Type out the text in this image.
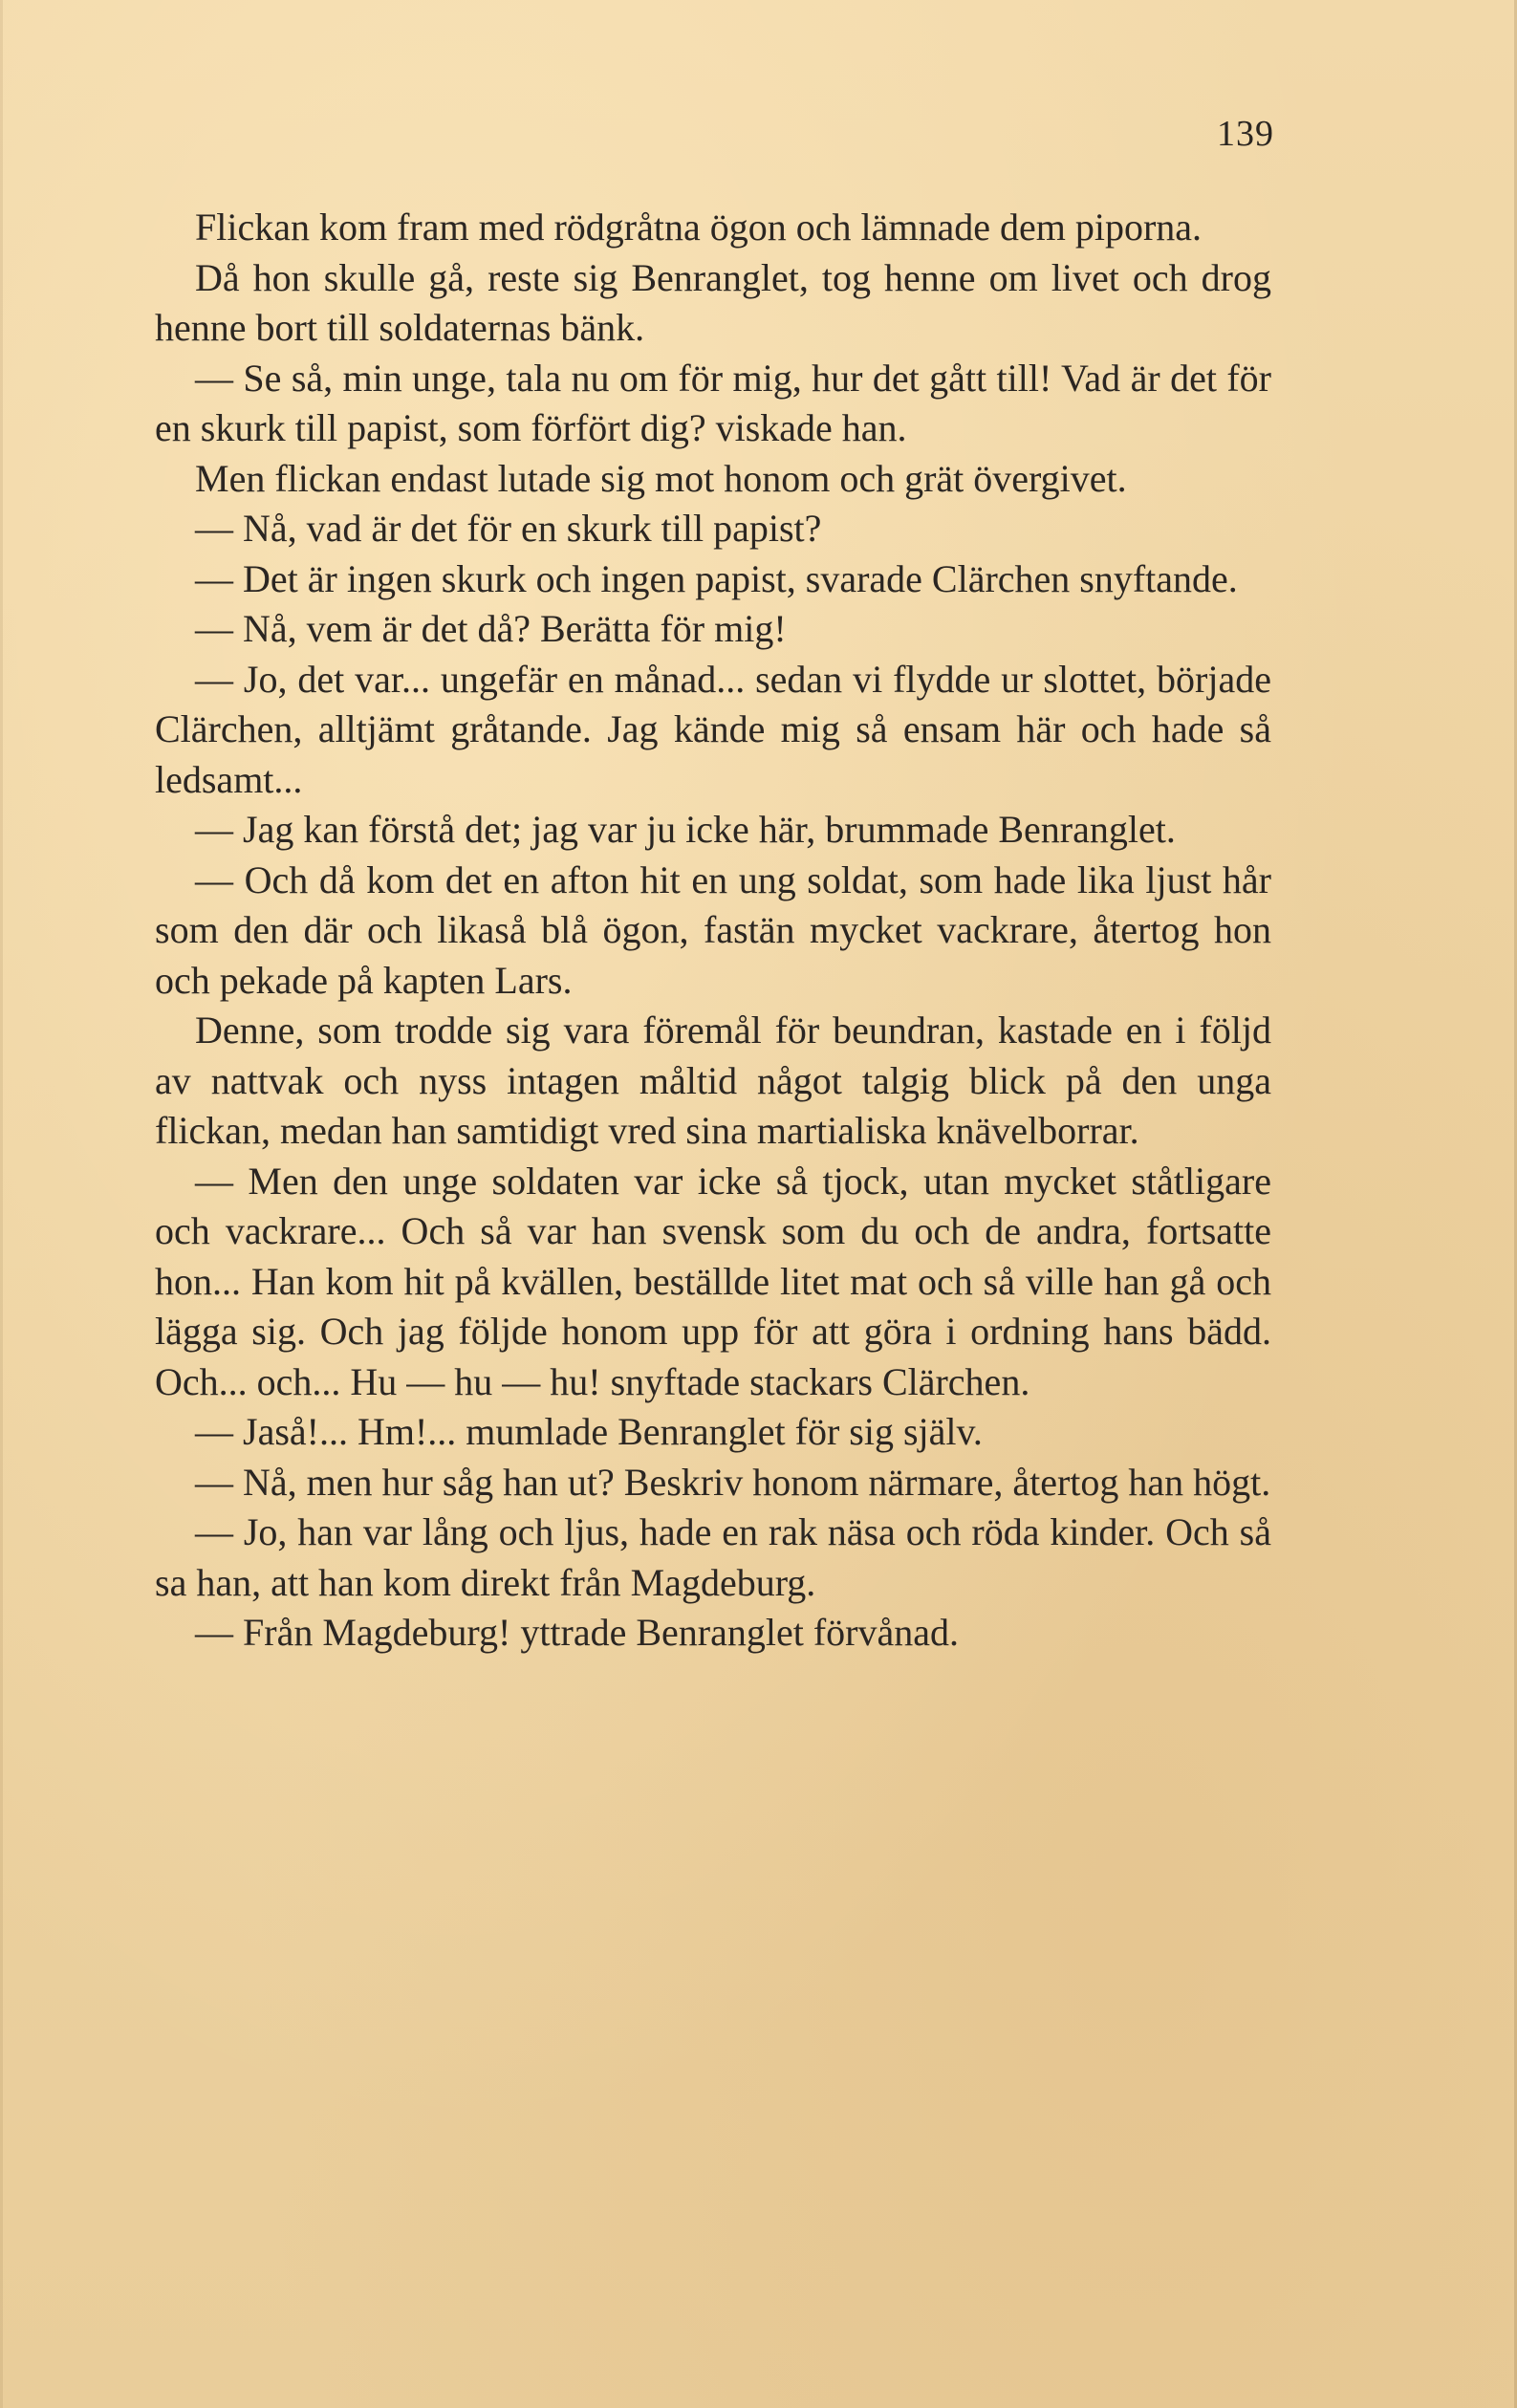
139

Flickan kom fram med rödgråtna ögon och lämnade dem piporna.

Då hon skulle gå, reste sig Benranglet, tog henne om livet och drog henne bort till soldaternas bänk.

— Se så, min unge, tala nu om för mig, hur det gått till! Vad är det för en skurk till papist, som förfört dig? viskade han.

Men flickan endast lutade sig mot honom och grät övergivet.

— Nå, vad är det för en skurk till papist?

— Det är ingen skurk och ingen papist, svarade Clärchen snyftande.

— Nå, vem är det då? Berätta för mig!

— Jo, det var... ungefär en månad... sedan vi flydde ur slottet, började Clärchen, alltjämt gråtande. Jag kände mig så ensam här och hade så ledsamt...

— Jag kan förstå det; jag var ju icke här, brummade Benranglet.

— Och då kom det en afton hit en ung soldat, som hade lika ljust hår som den där och likaså blå ögon, fastän mycket vackrare, återtog hon och pekade på kapten Lars.

Denne, som trodde sig vara föremål för beundran, kastade en i följd av nattvak och nyss intagen måltid något talgig blick på den unga flickan, medan han samtidigt vred sina martialiska knävelborrar.

— Men den unge soldaten var icke så tjock, utan mycket ståtligare och vackrare... Och så var han svensk som du och de andra, fortsatte hon... Han kom hit på kvällen, beställde litet mat och så ville han gå och lägga sig. Och jag följde honom upp för att göra i ordning hans bädd. Och... och... Hu — hu — hu! snyftade stackars Clärchen.

— Jaså!... Hm!... mumlade Benranglet för sig själv.

— Nå, men hur såg han ut? Beskriv honom närmare, återtog han högt.

— Jo, han var lång och ljus, hade en rak näsa och röda kinder. Och så sa han, att han kom direkt från Magdeburg.

— Från Magdeburg! yttrade Benranglet förvånad.
